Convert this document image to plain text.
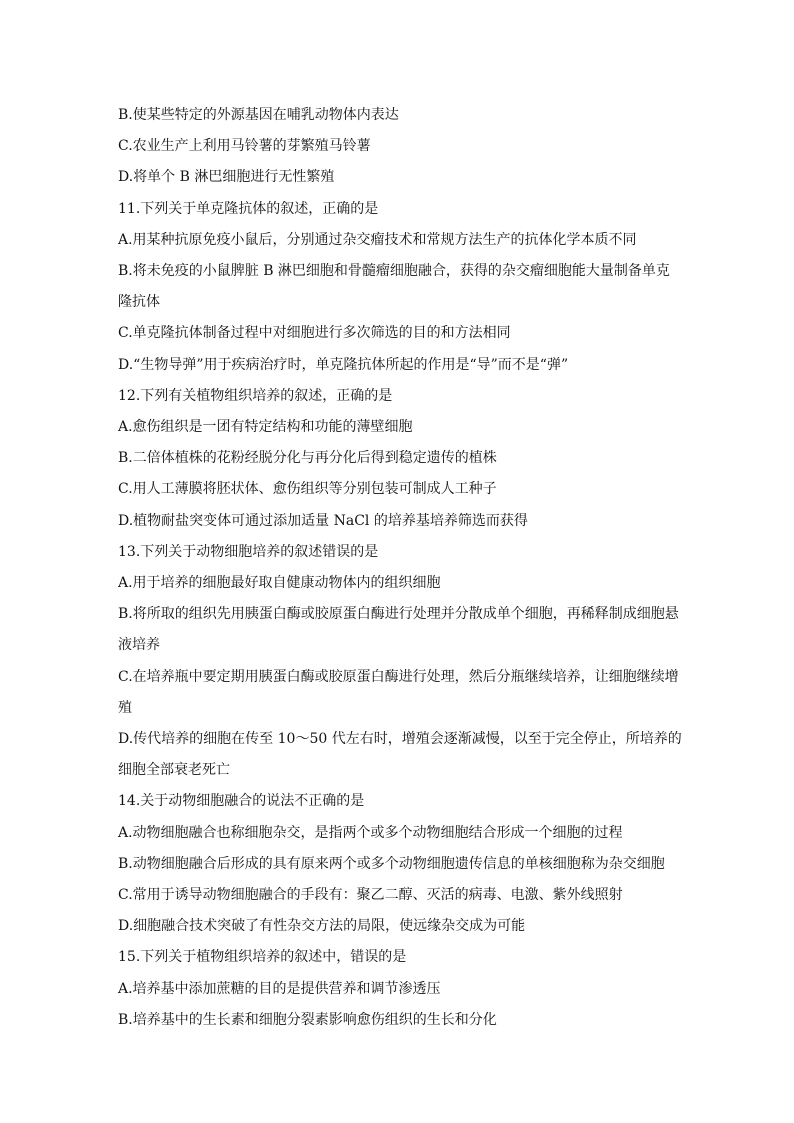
B.使某些特定的外源基因在哺乳动物体内表达
C.农业生产上利用马铃薯的芽繁殖马铃薯
D.将单个 B 淋巴细胞进行无性繁殖
11.下列关于单克隆抗体的叙述，正确的是
A.用某种抗原免疫小鼠后，分别通过杂交瘤技术和常规方法生产的抗体化学本质不同
B.将未免疫的小鼠脾脏 B 淋巴细胞和骨髓瘤细胞融合，获得的杂交瘤细胞能大量制备单克
隆抗体
C.单克隆抗体制备过程中对细胞进行多次筛选的目的和方法相同
D.“生物导弹”用于疾病治疗时，单克隆抗体所起的作用是“导”而不是“弹”
12.下列有关植物组织培养的叙述，正确的是
A.愈伤组织是一团有特定结构和功能的薄壁细胞
B.二倍体植株的花粉经脱分化与再分化后得到稳定遗传的植株
C.用人工薄膜将胚状体、愈伤组织等分别包装可制成人工种子
D.植物耐盐突变体可通过添加适量 NaCl 的培养基培养筛选而获得
13.下列关于动物细胞培养的叙述错误的是
A.用于培养的细胞最好取自健康动物体内的组织细胞
B.将所取的组织先用胰蛋白酶或胶原蛋白酶进行处理并分散成单个细胞，再稀释制成细胞悬
液培养
C.在培养瓶中要定期用胰蛋白酶或胶原蛋白酶进行处理，然后分瓶继续培养，让细胞继续增
殖
D.传代培养的细胞在传至 10～50 代左右时，增殖会逐渐减慢，以至于完全停止，所培养的
细胞全部衰老死亡
14.关于动物细胞融合的说法不正确的是
A.动物细胞融合也称细胞杂交，是指两个或多个动物细胞结合形成一个细胞的过程
B.动物细胞融合后形成的具有原来两个或多个动物细胞遗传信息的单核细胞称为杂交细胞
C.常用于诱导动物细胞融合的手段有：聚乙二醇、灭活的病毒、电激、紫外线照射
D.细胞融合技术突破了有性杂交方法的局限，使远缘杂交成为可能
15.下列关于植物组织培养的叙述中，错误的是
A.培养基中添加蔗糖的目的是提供营养和调节渗透压
B.培养基中的生长素和细胞分裂素影响愈伤组织的生长和分化
